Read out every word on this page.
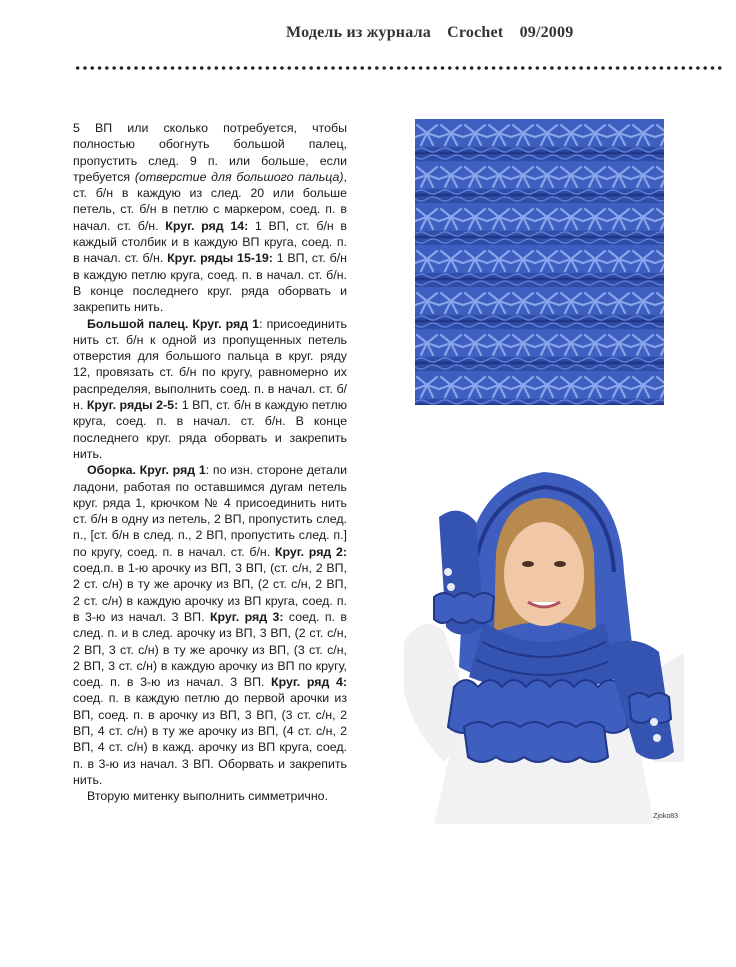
Модель из журнала Crochet 09/2009

5 ВП или сколько потребуется, чтобы полностью обогнуть большой палец, пропустить след. 9 п. или больше, если требуется (отверстие для большого пальца), ст. б/н в каждую из след. 20 или больше петель, ст. б/н в петлю с маркером, соед. п. в начал. ст. б/н. Круг. ряд 14: 1 ВП, ст. б/н в каждый столбик и в каждую ВП круга, соед. п. в начал. ст. б/н. Круг. ряды 15-19: 1 ВП, ст. б/н в каждую петлю круга, соед. п. в начал. ст. б/н. В конце последнего круг. ряда оборвать и закрепить нить.

Большой палец. Круг. ряд 1: присоединить нить ст. б/н к одной из пропущенных петель отверстия для большого пальца в круг. ряду 12, провязать ст. б/н по кругу, равномерно их распределяя, выполнить соед. п. в начал. ст. б/н. Круг. ряды 2-5: 1 ВП, ст. б/н в каждую петлю круга, соед. п. в начал. ст. б/н. В конце последнего круг. ряда оборвать и закрепить нить.

Оборка. Круг. ряд 1: по изн. стороне детали ладони, работая по оставшимся дугам петель круг. ряда 1, крючком № 4 присоединить нить ст. б/н в одну из петель, 2 ВП, пропустить след. п., [ст. б/н в след. п., 2 ВП, пропустить след. п.] по кругу, соед. п. в начал. ст. б/н. Круг. ряд 2: соед.п. в 1-ю арочку из ВП, 3 ВП, (ст. с/н, 2 ВП, 2 ст. с/н) в ту же арочку из ВП, (2 ст. с/н, 2 ВП, 2 ст. с/н) в каждую арочку из ВП круга, соед. п. в 3-ю из начал. 3 ВП. Круг. ряд 3: соед. п. в след. п. и в след. арочку из ВП, 3 ВП, (2 ст. с/н, 2 ВП, 3 ст. с/н) в ту же арочку из ВП, (3 ст. с/н, 2 ВП, 3 ст. с/н) в каждую арочку из ВП по кругу, соед. п. в 3-ю из начал. 3 ВП. Круг. ряд 4: соед. п. в каждую петлю до первой арочки из ВП, соед. п. в арочку из ВП, 3 ВП, (3 ст. с/н, 2 ВП, 4 ст. с/н) в ту же арочку из ВП, (4 ст. с/н, 2 ВП, 4 ст. с/н) в кажд. арочку из ВП круга, соед. п. в 3-ю из начал. 3 ВП. Оборвать и закрепить нить.

Вторую митенку выполнить симметрично.

Zjoko83
